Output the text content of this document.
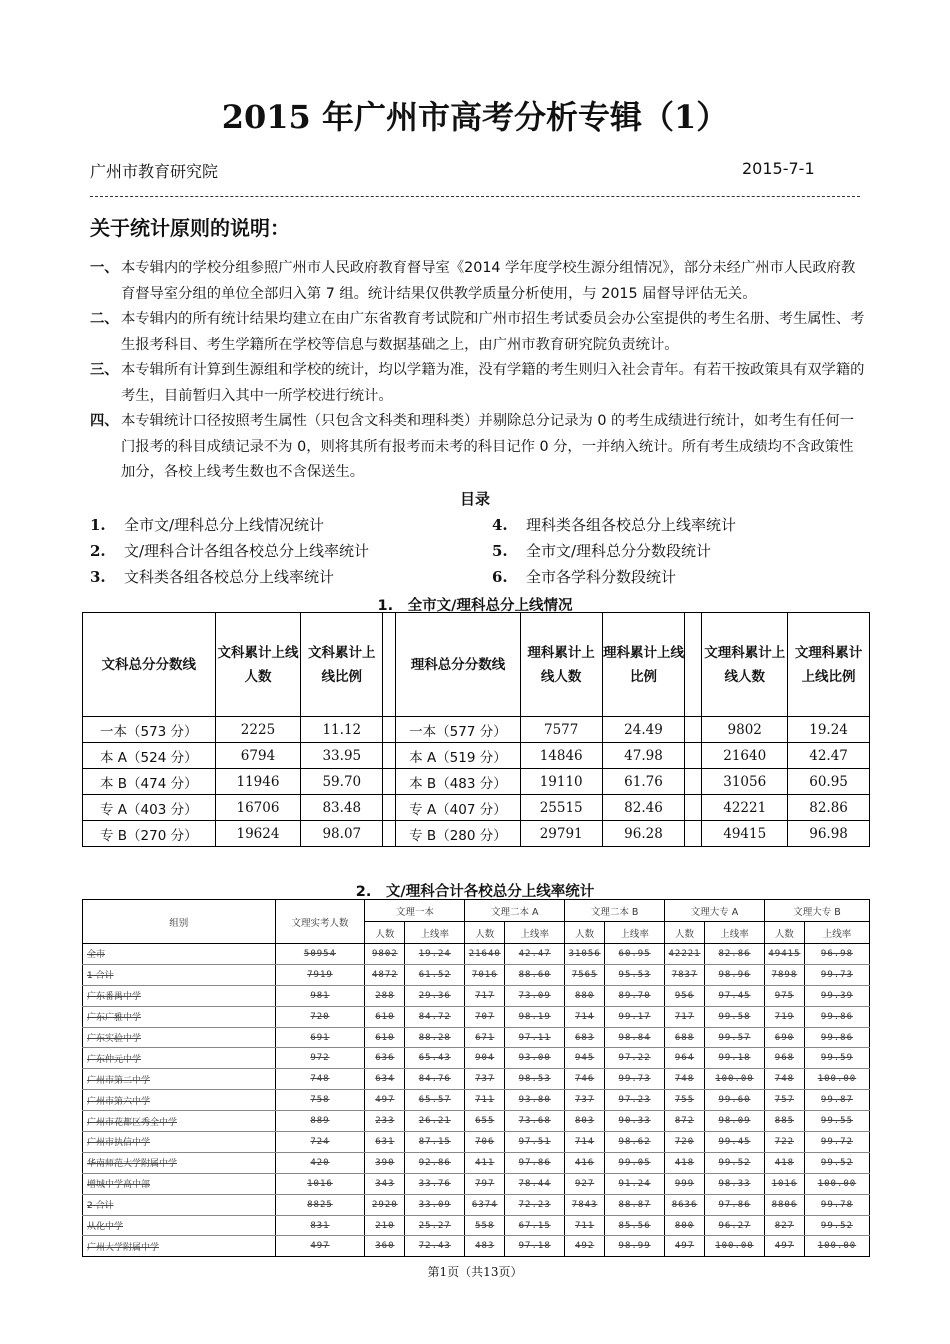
2015 年广州市高考分析专辑（1）
广州市教育研究院	2015-7-1
关于统计原则的说明：
一、 本专辑内的学校分组参照广州市人民政府教育督导室《2014 学年度学校生源分组情况》，部分未经广州市人民政府教育督导室分组的单位全部归入第 7 组。统计结果仅供教学质量分析使用，与 2015 届督导评估无关。
二、 本专辑内的所有统计结果均建立在由广东省教育考试院和广州市招生考试委员会办公室提供的考生名册、考生属性、考生报考科目、考生学籍所在学校等信息与数据基础之上，由广州市教育研究院负责统计。
三、 本专辑所有计算到生源组和学校的统计，均以学籍为准，没有学籍的考生则归入社会青年。有若干按政策具有双学籍的考生，目前暂归入其中一所学校进行统计。
四、 本专辑统计口径按照考生属性（只包含文科类和理科类）并剔除总分记录为 0 的考生成绩进行统计，如考生有任何一门报考的科目成绩记录不为 0，则将其所有报考而未考的科目记作 0 分，一并纳入统计。所有考生成绩均不含政策性加分，各校上线考生数也不含保送生。
目录
1. 全市文/理科总分上线情况统计
2. 文/理科合计各组各校总分上线率统计
3. 文科类各组各校总分上线率统计
4. 理科类各组各校总分上线率统计
5. 全市文/理科总分分数段统计
6. 全市各学科分数段统计
1.　全市文/理科总分上线情况
文科总分分数线	文科累计上线人数	文科累计上线比例		理科总分分数线	理科累计上线人数	理科累计上线比例		文理科累计上线人数	文理科累计上线比例
一本（573 分）	2225	11.12		一本（577 分）	7577	24.49		9802	19.24
本 A（524 分）	6794	33.95		本 A（519 分）	14846	47.98		21640	42.47
本 B（474 分）	11946	59.70		本 B（483 分）	19110	61.76		31056	60.95
专 A（403 分）	16706	83.48		专 A（407 分）	25515	82.46		42221	82.86
专 B（270 分）	19624	98.07		专 B（280 分）	29791	96.28		49415	96.98
2.　文/理科合计各校总分上线率统计
组别	文理实考人数	文理一本		文理二本 A		文理二本 B		文理大专 A		文理大专 B	
		人数	上线率	人数	上线率	人数	上线率	人数	上线率	人数	上线率
全市	50954	9802	19.24	21640	42.47	31056	60.95	42221	82.86	49415	96.98
1 合计	7919	4872	61.52	7016	88.60	7565	95.53	7837	98.96	7898	99.73
广东番禺中学	981	288	29.36	717	73.09	880	89.70	956	97.45	975	99.39
广东广雅中学	720	610	84.72	707	98.19	714	99.17	717	99.58	719	99.86
广东实验中学	691	610	88.28	671	97.11	683	98.84	688	99.57	690	99.86
广东仲元中学	972	636	65.43	904	93.00	945	97.22	964	99.18	968	99.59
广州市第二中学	748	634	84.76	737	98.53	746	99.73	748	100.00	748	100.00
广州市第六中学	758	497	65.57	711	93.80	737	97.23	755	99.60	757	99.87
广州市花都区秀全中学	889	233	26.21	655	73.68	803	90.33	872	98.09	885	99.55
广州市执信中学	724	631	87.15	706	97.51	714	98.62	720	99.45	722	99.72
华南师范大学附属中学	420	390	92.86	411	97.86	416	99.05	418	99.52	418	99.52
增城中学高中部	1016	343	33.76	797	78.44	927	91.24	999	98.33	1016	100.00
2 合计	8825	2920	33.09	6374	72.23	7843	88.87	8636	97.86	8806	99.78
从化中学	831	210	25.27	558	67.15	711	85.56	800	96.27	827	99.52
广州大学附属中学	497	360	72.43	483	97.18	492	98.99	497	100.00	497	100.00
第1页（共13页）
